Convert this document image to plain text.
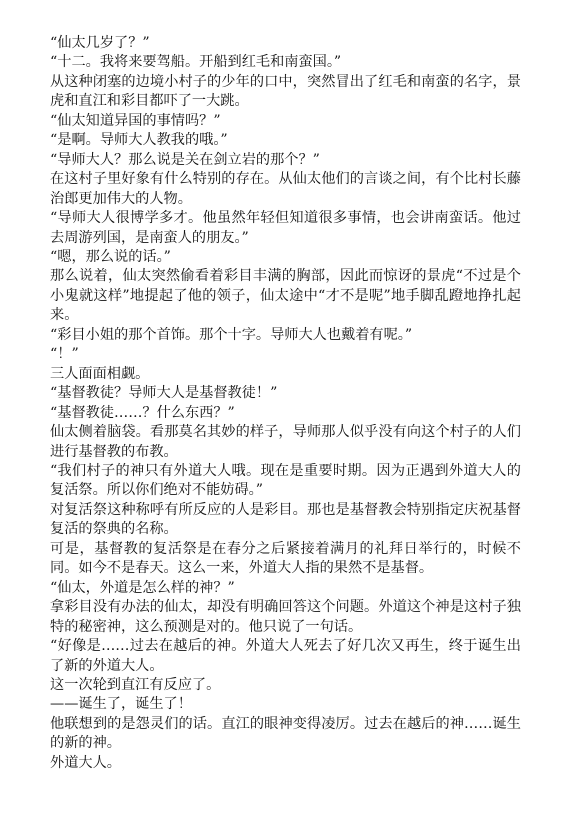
“仙太几岁了？”

“十二。我将来要驾船。开船到红毛和南蛮国。”

从这种闭塞的边境小村子的少年的口中，突然冒出了红毛和南蛮的名字，景虎和直江和彩目都吓了一大跳。

“仙太知道异国的事情吗？”

“是啊。导师大人教我的哦。”

“导师大人？那么说是关在剑立岩的那个？”

在这村子里好象有什么特别的存在。从仙太他们的言谈之间，有个比村长藤治郎更加伟大的人物。

“导师大人很博学多才。他虽然年轻但知道很多事情，也会讲南蛮话。他过去周游列国，是南蛮人的朋友。”

“嗯，那么说的话。”

那么说着，仙太突然偷看着彩目丰满的胸部，因此而惊讶的景虎“不过是个小鬼就这样”地提起了他的领子，仙太途中“才不是呢”地手脚乱蹬地挣扎起来。

“彩目小姐的那个首饰。那个十字。导师大人也戴着有呢。”

“！”

三人面面相觑。

“基督教徒？导师大人是基督教徒！”

“基督教徒……？什么东西？”

仙太侧着脑袋。看那莫名其妙的样子，导师那人似乎没有向这个村子的人们进行基督教的布教。

“我们村子的神只有外道大人哦。现在是重要时期。因为正遇到外道大人的复活祭。所以你们绝对不能妨碍。”

对复活祭这种称呼有所反应的人是彩目。那也是基督教会特别指定庆祝基督复活的祭典的名称。

可是，基督教的复活祭是在春分之后紧接着满月的礼拜日举行的，时候不同。如今不是春天。这么一来，外道大人指的果然不是基督。

“仙太，外道是怎么样的神？”

拿彩目没有办法的仙太，却没有明确回答这个问题。外道这个神是这村子独特的秘密神，这么预测是对的。他只说了一句话。

“好像是……过去在越后的神。外道大人死去了好几次又再生，终于诞生出了新的外道大人。

这一次轮到直江有反应了。

——诞生了，诞生了！

他联想到的是怨灵们的话。直江的眼神变得凌厉。过去在越后的神……诞生的新的神。

外道大人。
